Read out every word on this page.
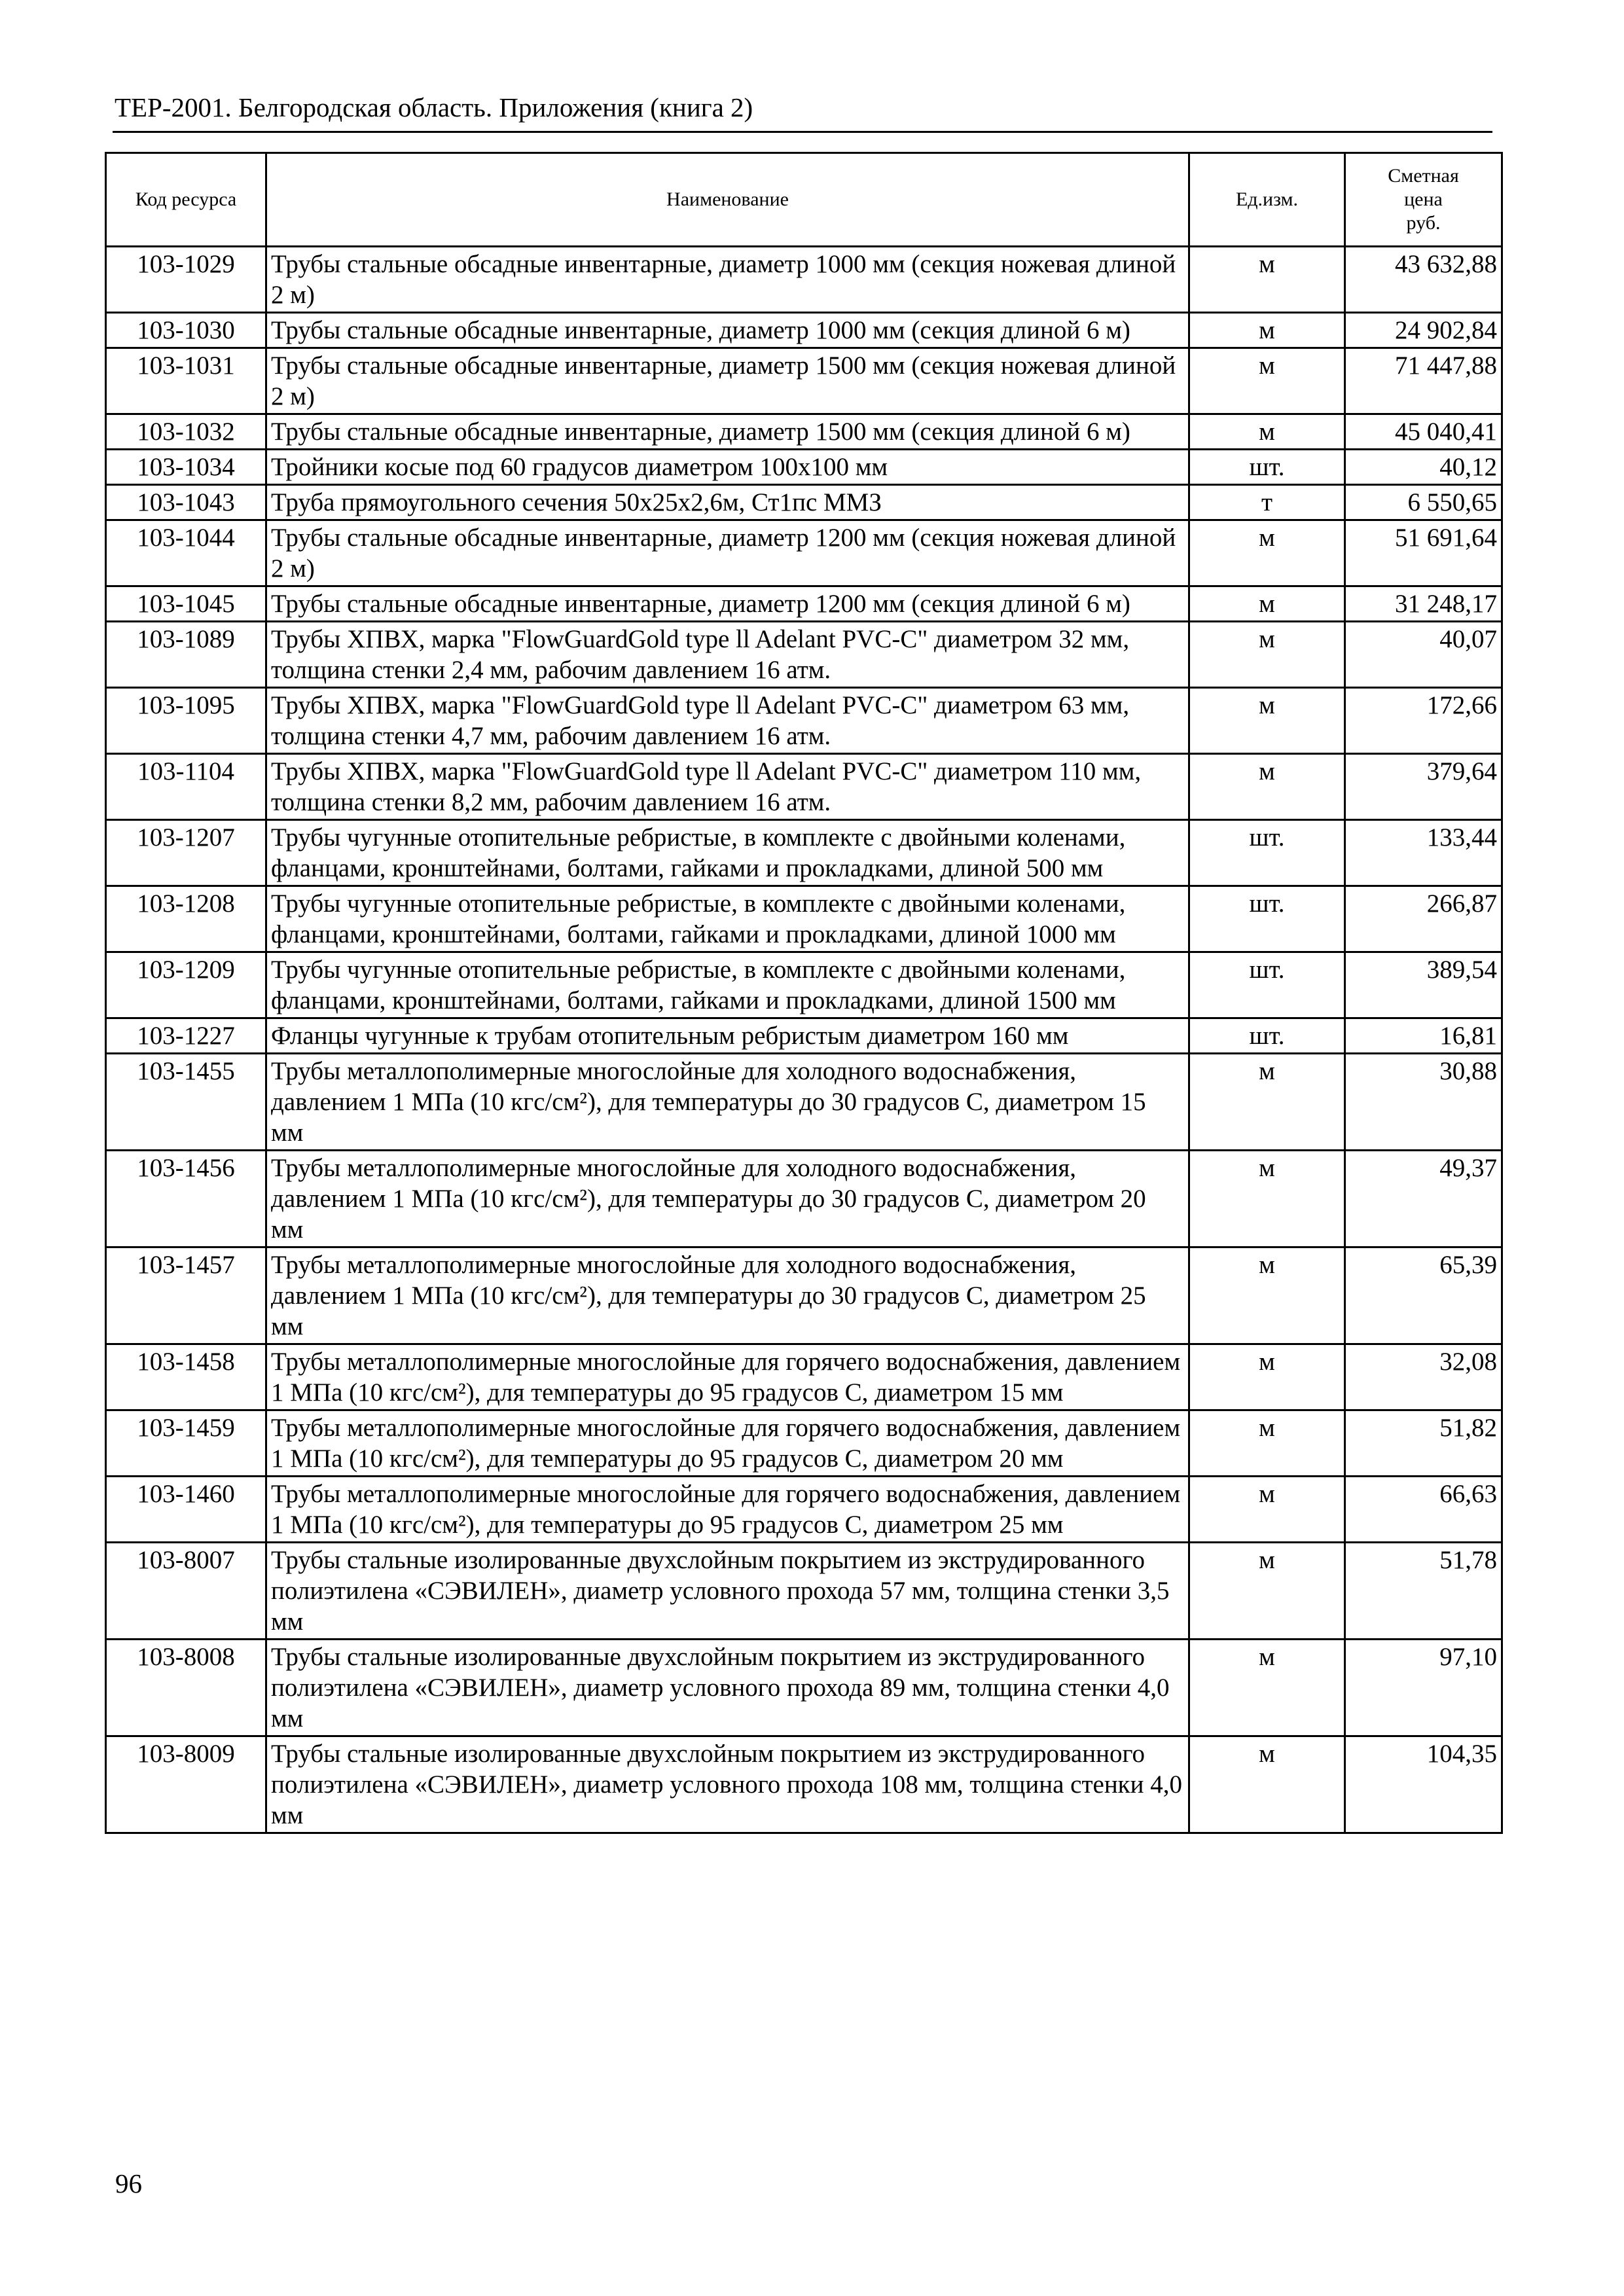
ТЕР-2001. Белгородская область. Приложения (книга 2)
Код ресурса	Наименование	Ед.изм.	Сметная
цена
руб.

103-1029	Трубы стальные обсадные инвентарные, диаметр 1000 мм (секция ножевая длиной 2 м)	м	43 632,88
103-1030	Трубы стальные обсадные инвентарные, диаметр 1000 мм (секция длиной 6 м)	м	24 902,84
103-1031	Трубы стальные обсадные инвентарные, диаметр 1500 мм (секция ножевая длиной 2 м)	м	71 447,88
103-1032	Трубы стальные обсадные инвентарные, диаметр 1500 мм (секция длиной 6 м)	м	45 040,41
103-1034	Тройники косые под 60 градусов диаметром 100х100 мм	шт.	40,12
103-1043	Труба прямоугольного сечения 50х25х2,6м, Ст1пс ММЗ	т	6 550,65
103-1044	Трубы стальные обсадные инвентарные, диаметр 1200 мм (секция ножевая длиной 2 м)	м	51 691,64
103-1045	Трубы стальные обсадные инвентарные, диаметр 1200 мм (секция длиной 6 м)	м	31 248,17
103-1089	Трубы ХПВХ, марка "FlowGuardGold type ll Adelant PVC-C" диаметром 32 мм, толщина стенки 2,4 мм, рабочим давлением 16 атм.	м	40,07
103-1095	Трубы ХПВХ, марка "FlowGuardGold type ll Adelant PVC-C" диаметром 63 мм, толщина стенки 4,7 мм, рабочим давлением 16 атм.	м	172,66
103-1104	Трубы ХПВХ, марка "FlowGuardGold type ll Adelant PVC-C" диаметром 110 мм, толщина стенки 8,2 мм, рабочим давлением 16 атм.	м	379,64
103-1207	Трубы чугунные отопительные ребристые, в комплекте с двойными коленами, фланцами, кронштейнами, болтами, гайками и прокладками, длиной 500 мм	шт.	133,44
103-1208	Трубы чугунные отопительные ребристые, в комплекте с двойными коленами, фланцами, кронштейнами, болтами, гайками и прокладками, длиной 1000 мм	шт.	266,87
103-1209	Трубы чугунные отопительные ребристые, в комплекте с двойными коленами, фланцами, кронштейнами, болтами, гайками и прокладками, длиной 1500 мм	шт.	389,54
103-1227	Фланцы чугунные к трубам отопительным ребристым диаметром 160 мм	шт.	16,81
103-1455	Трубы металлополимерные многослойные для холодного водоснабжения, давлением 1 МПа (10 кгс/см²), для температуры до 30 градусов С, диаметром 15 мм	м	30,88
103-1456	Трубы металлополимерные многослойные для холодного водоснабжения, давлением 1 МПа (10 кгс/см²), для температуры до 30 градусов С, диаметром 20 мм	м	49,37
103-1457	Трубы металлополимерные многослойные для холодного водоснабжения, давлением 1 МПа (10 кгс/см²), для температуры до 30 градусов С, диаметром 25 мм	м	65,39
103-1458	Трубы металлополимерные многослойные для горячего водоснабжения, давлением 1 МПа (10 кгс/см²), для температуры до 95 градусов С, диаметром 15 мм	м	32,08
103-1459	Трубы металлополимерные многослойные для горячего водоснабжения, давлением 1 МПа (10 кгс/см²), для температуры до 95 градусов С, диаметром 20 мм	м	51,82
103-1460	Трубы металлополимерные многослойные для горячего водоснабжения, давлением 1 МПа (10 кгс/см²), для температуры до 95 градусов С, диаметром 25 мм	м	66,63
103-8007	Трубы стальные изолированные двухслойным покрытием из экструдированного полиэтилена «СЭВИЛЕН», диаметр условного прохода 57 мм, толщина стенки 3,5 мм	м	51,78
103-8008	Трубы стальные изолированные двухслойным покрытием из экструдированного полиэтилена «СЭВИЛЕН», диаметр условного прохода 89 мм, толщина стенки 4,0 мм	м	97,10
103-8009	Трубы стальные изолированные двухслойным покрытием из экструдированного полиэтилена «СЭВИЛЕН», диаметр условного прохода 108 мм, толщина стенки 4,0 мм	м	104,35
96
